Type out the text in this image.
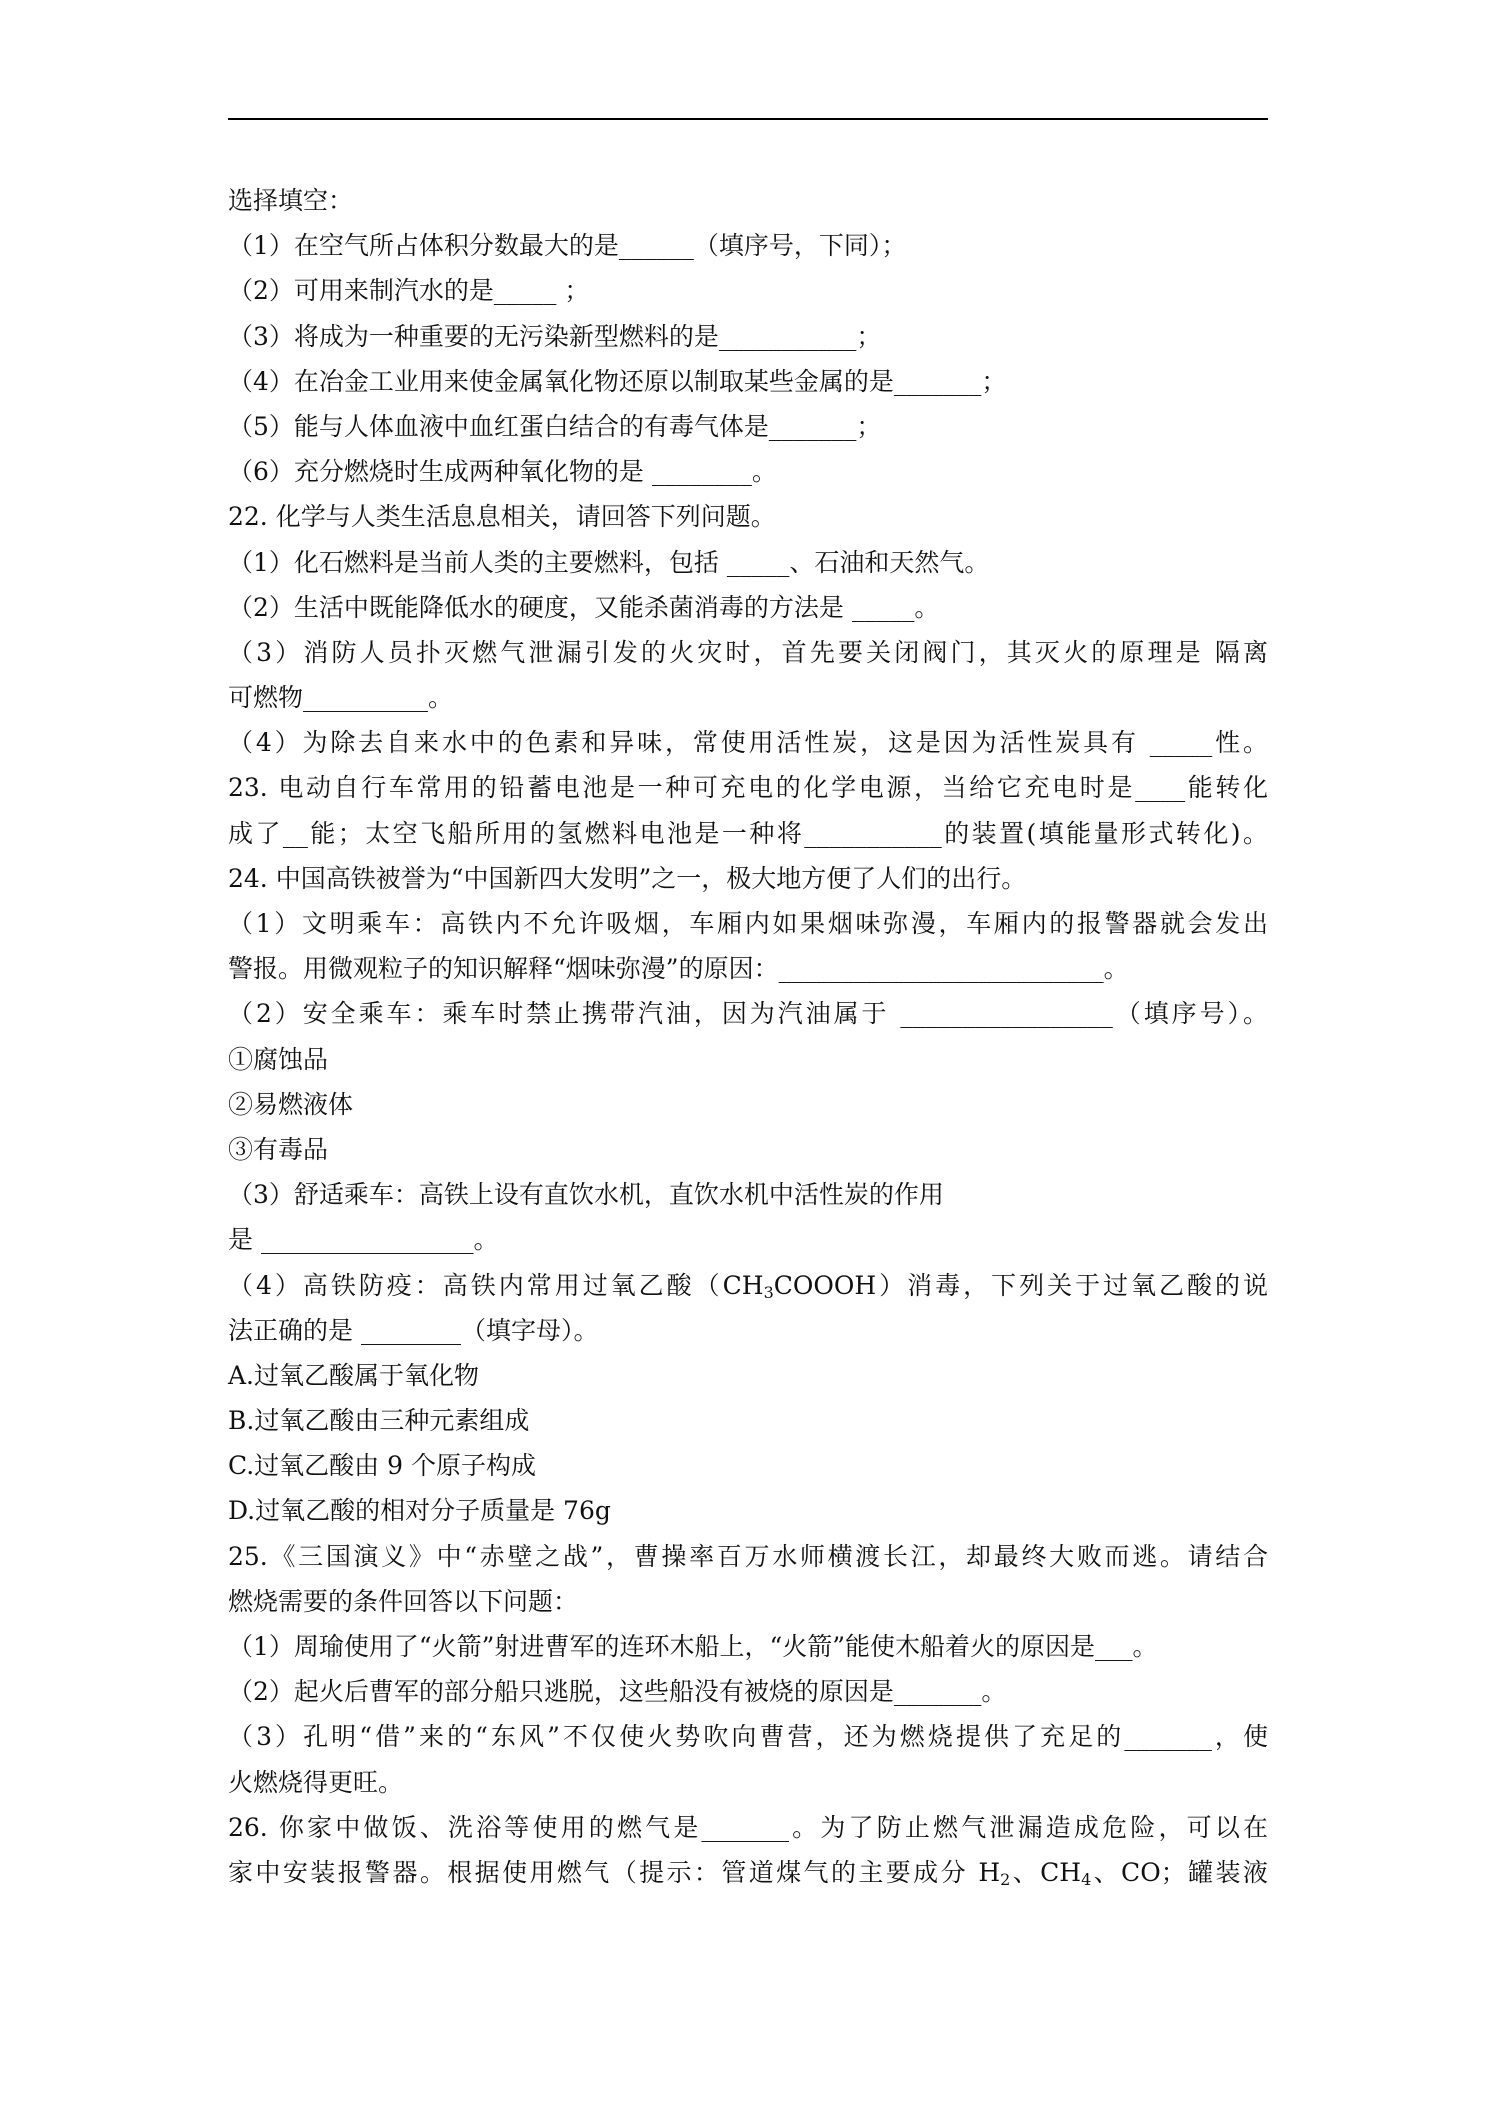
选择填空：
（1）在空气所占体积分数最大的是______（填序号，下同）；
（2）可用来制汽水的是_____ ；
（3）将成为一种重要的无污染新型燃料的是___________；
（4）在冶金工业用来使金属氧化物还原以制取某些金属的是_______；
（5）能与人体血液中血红蛋白结合的有毒气体是_______；
（6）充分燃烧时生成两种氧化物的是 ________。
22. 化学与人类生活息息相关，请回答下列问题。
（1）化石燃料是当前人类的主要燃料，包括 _____、石油和天然气。
（2）生活中既能降低水的硬度，又能杀菌消毒的方法是 _____。
（3）消防人员扑灭燃气泄漏引发的火灾时，首先要关闭阀门，其灭火的原理是 隔离
可燃物__________。
（4）为除去自来水中的色素和异味，常使用活性炭，这是因为活性炭具有 _____性。
23. 电动自行车常用的铅蓄电池是一种可充电的化学电源，当给它充电时是____能转化
成了__能；太空飞船所用的氢燃料电池是一种将___________的装置(填能量形式转化)。
24. 中国高铁被誉为“中国新四大发明”之一，极大地方便了人们的出行。
（1）文明乘车：高铁内不允许吸烟，车厢内如果烟味弥漫，车厢内的报警器就会发出
警报。用微观粒子的知识解释“烟味弥漫”的原因：__________________________。
（2）安全乘车：乘车时禁止携带汽油，因为汽油属于 _________________（填序号）。
①腐蚀品
②易燃液体
③有毒品
（3）舒适乘车：高铁上设有直饮水机，直饮水机中活性炭的作用
是 _________________。
（4）高铁防疫：高铁内常用过氧乙酸$(CH_3COOOH)$消毒，下列关于过氧乙酸的说
法正确的是 ________（填字母）。
A.过氧乙酸属于氧化物
B.过氧乙酸由三种元素组成
C.过氧乙酸由 9 个原子构成
D.过氧乙酸的相对分子质量是 76g
25.《三国演义》中“赤壁之战”，曹操率百万水师横渡长江，却最终大败而逃。请结合
燃烧需要的条件回答以下问题：
（1）周瑜使用了“火箭”射进曹军的连环木船上，“火箭”能使木船着火的原因是___。
（2）起火后曹军的部分船只逃脱，这些船没有被烧的原因是_______。
（3）孔明“借”来的“东风”不仅使火势吹向曹营，还为燃烧提供了充足的_______，使
火燃烧得更旺。
26. 你家中做饭、洗浴等使用的燃气是_______。为了防止燃气泄漏造成危险，可以在
家中安装报警器。根据使用燃气（提示：管道煤气的主要成分 $H_2$、$CH_4$、CO；罐装液
